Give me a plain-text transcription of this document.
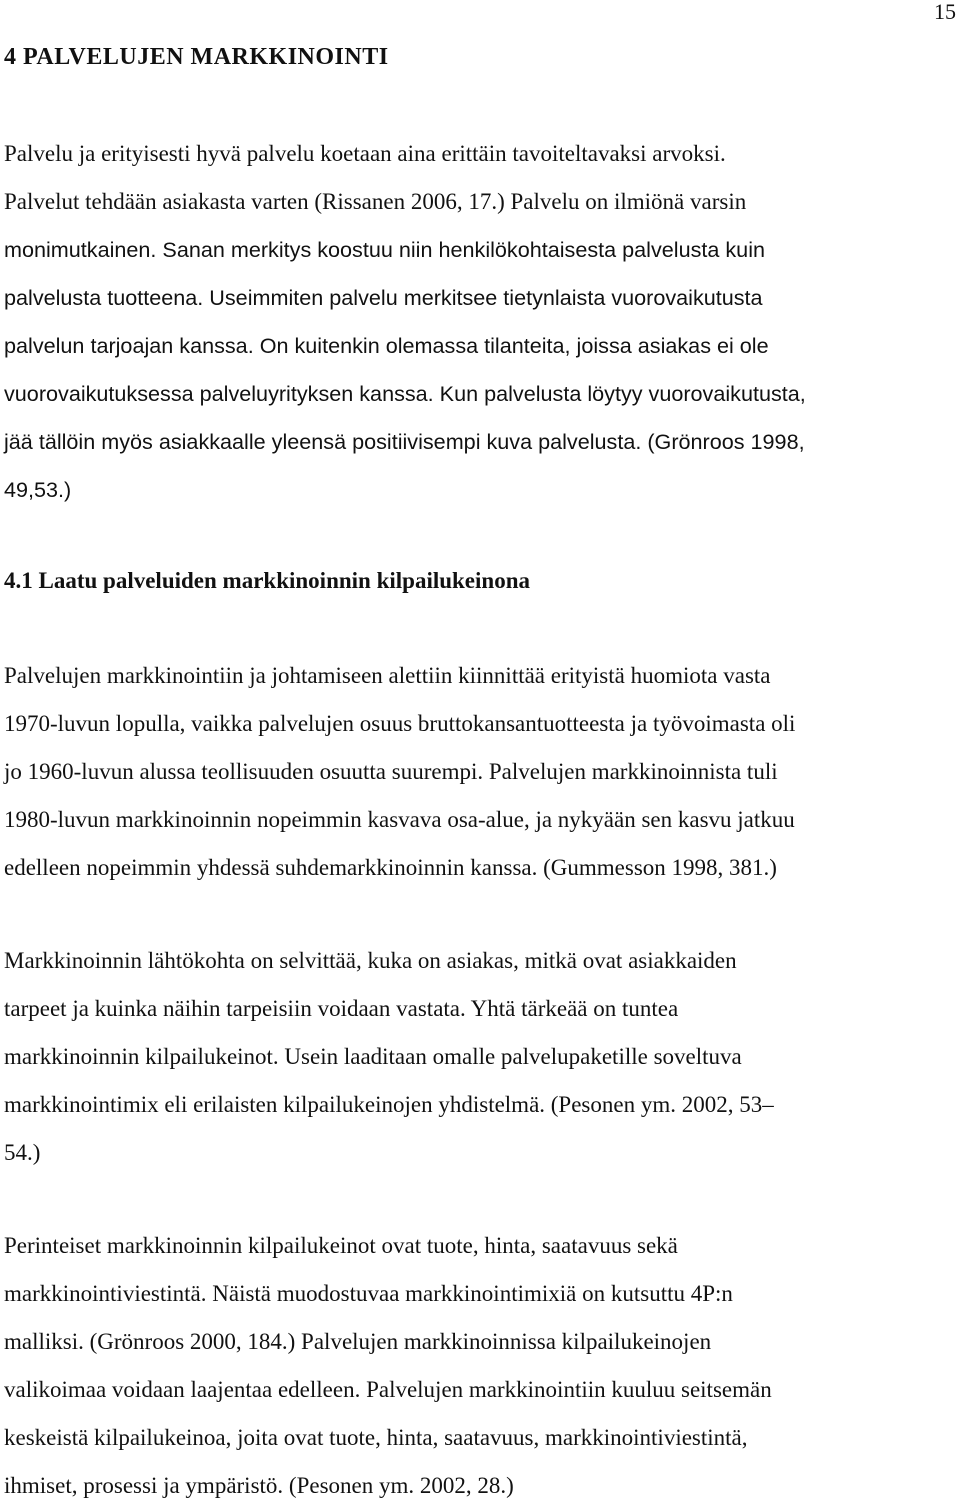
15
4 PALVELUJEN MARKKINOINTI
Palvelu ja erityisesti hyvä palvelu koetaan aina erittäin tavoiteltavaksi arvoksi.
Palvelut tehdään asiakasta varten (Rissanen 2006, 17.) Palvelu on ilmiönä varsin
monimutkainen. Sanan merkitys koostuu niin henkilökohtaisesta palvelusta kuin
palvelusta tuotteena. Useimmiten palvelu merkitsee tietynlaista vuorovaikutusta
palvelun tarjoajan kanssa. On kuitenkin olemassa tilanteita, joissa asiakas ei ole
vuorovaikutuksessa palveluyrityksen kanssa. Kun palvelusta löytyy vuorovaikutusta,
jää tällöin myös asiakkaalle yleensä positiivisempi kuva palvelusta. (Grönroos 1998,
49,53.)
4.1 Laatu palveluiden markkinoinnin kilpailukeinona
Palvelujen markkinointiin ja johtamiseen alettiin kiinnittää erityistä huomiota vasta
1970-luvun lopulla, vaikka palvelujen osuus bruttokansantuotteesta ja työvoimasta oli
jo 1960-luvun alussa teollisuuden osuutta suurempi. Palvelujen markkinoinnista tuli
1980-luvun markkinoinnin nopeimmin kasvava osa-alue, ja nykyään sen kasvu jatkuu
edelleen nopeimmin yhdessä suhdemarkkinoinnin kanssa. (Gummesson 1998, 381.)
Markkinoinnin lähtökohta on selvittää, kuka on asiakas, mitkä ovat asiakkaiden
tarpeet ja kuinka näihin tarpeisiin voidaan vastata. Yhtä tärkeää on tuntea
markkinoinnin kilpailukeinot. Usein laaditaan omalle palvelupaketille soveltuva
markkinointimix eli erilaisten kilpailukeinojen yhdistelmä. (Pesonen ym. 2002, 53–
54.)
Perinteiset markkinoinnin kilpailukeinot ovat tuote, hinta, saatavuus sekä
markkinointiviestintä. Näistä muodostuvaa markkinointimixiä on kutsuttu 4P:n
malliksi. (Grönroos 2000, 184.) Palvelujen markkinoinnissa kilpailukeinojen
valikoimaa voidaan laajentaa edelleen. Palvelujen markkinointiin kuuluu seitsemän
keskeistä kilpailukeinoa, joita ovat tuote, hinta, saatavuus, markkinointiviestintä,
ihmiset, prosessi ja ympäristö. (Pesonen ym. 2002, 28.)
